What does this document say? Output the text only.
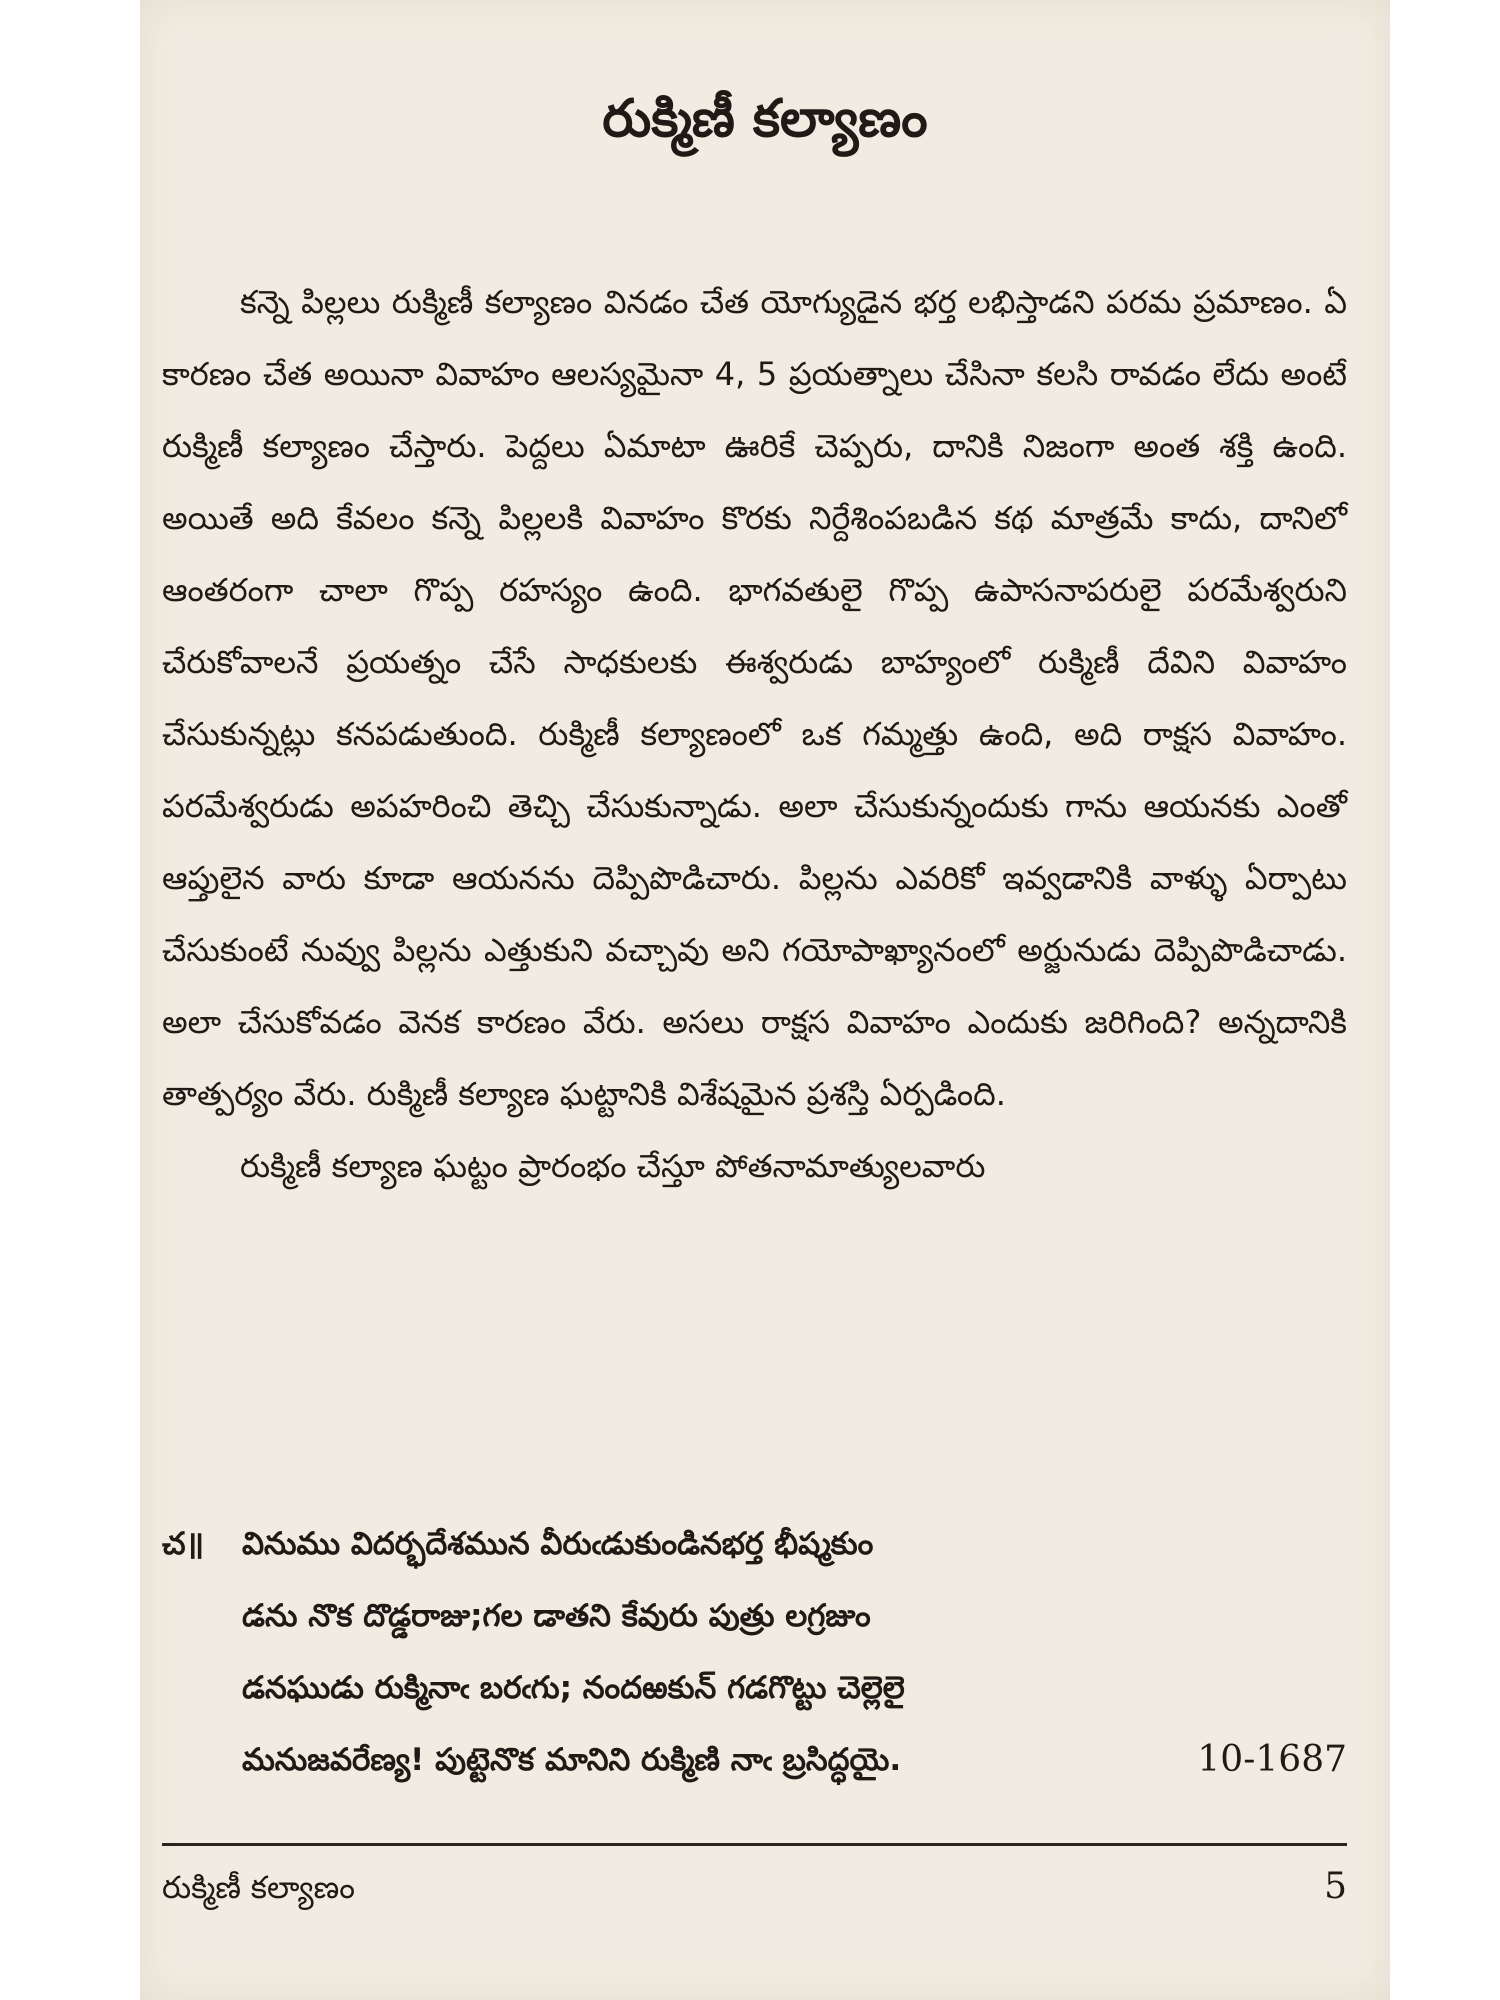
రుక్మిణీ కల్యాణం

కన్నె పిల్లలు రుక్మిణీ కల్యాణం వినడం చేత యోగ్యుడైన భర్త లభిస్తాడని పరమ ప్రమాణం. ఏ కారణం చేత అయినా వివాహం ఆలస్యమైనా 4, 5 ప్రయత్నాలు చేసినా కలసి రావడం లేదు అంటే రుక్మిణీ కల్యాణం చేస్తారు. పెద్దలు ఏమాటా ఊరికే చెప్పరు, దానికి నిజంగా అంత శక్తి ఉంది. అయితే అది కేవలం కన్నె పిల్లలకి వివాహం కొరకు నిర్దేశింపబడిన కథ మాత్రమే కాదు, దానిలో ఆంతరంగా చాలా గొప్ప రహస్యం ఉంది. భాగవతులై గొప్ప ఉపాసనాపరులై పరమేశ్వరుని చేరుకోవాలనే ప్రయత్నం చేసే సాధకులకు ఈశ్వరుడు బాహ్యంలో రుక్మిణీ దేవిని వివాహం చేసుకున్నట్లు కనపడుతుంది. రుక్మిణీ కల్యాణంలో ఒక గమ్మత్తు ఉంది, అది రాక్షస వివాహం. పరమేశ్వరుడు అపహరించి తెచ్చి చేసుకున్నాడు. అలా చేసుకున్నందుకు గాను ఆయనకు ఎంతో ఆప్తులైన వారు కూడా ఆయనను దెప్పిపొడిచారు. పిల్లను ఎవరికో ఇవ్వడానికి వాళ్ళు ఏర్పాటు చేసుకుంటే నువ్వు పిల్లను ఎత్తుకుని వచ్చావు అని గయోపాఖ్యానంలో అర్జునుడు దెప్పిపొడిచాడు. అలా చేసుకోవడం వెనక కారణం వేరు. అసలు రాక్షస వివాహం ఎందుకు జరిగింది? అన్నదానికి తాత్పర్యం వేరు. రుక్మిణీ కల్యాణ ఘట్టానికి విశేషమైన ప్రశస్తి ఏర్పడింది.

రుక్మిణీ కల్యాణ ఘట్టం ప్రారంభం చేస్తూ పోతనామాత్యులవారు

చ॥ వినుము విదర్భదేశమున వీరుఁడుకుండినభర్త భీష్మకుం
డను నొక దొడ్డరాజు;గల డాతని కేవురు పుత్రు లగ్రజుం
డనఘుడు రుక్మినాఁ బరఁగు; నందఱకున్ గడగొట్టు చెల్లెలై
మనుజవరేణ్య! పుట్టెనొక మానిని రుక్మిణి నాఁ బ్రసిద్ధయై.	10-1687
రుక్మిణీ కల్యాణం	5
